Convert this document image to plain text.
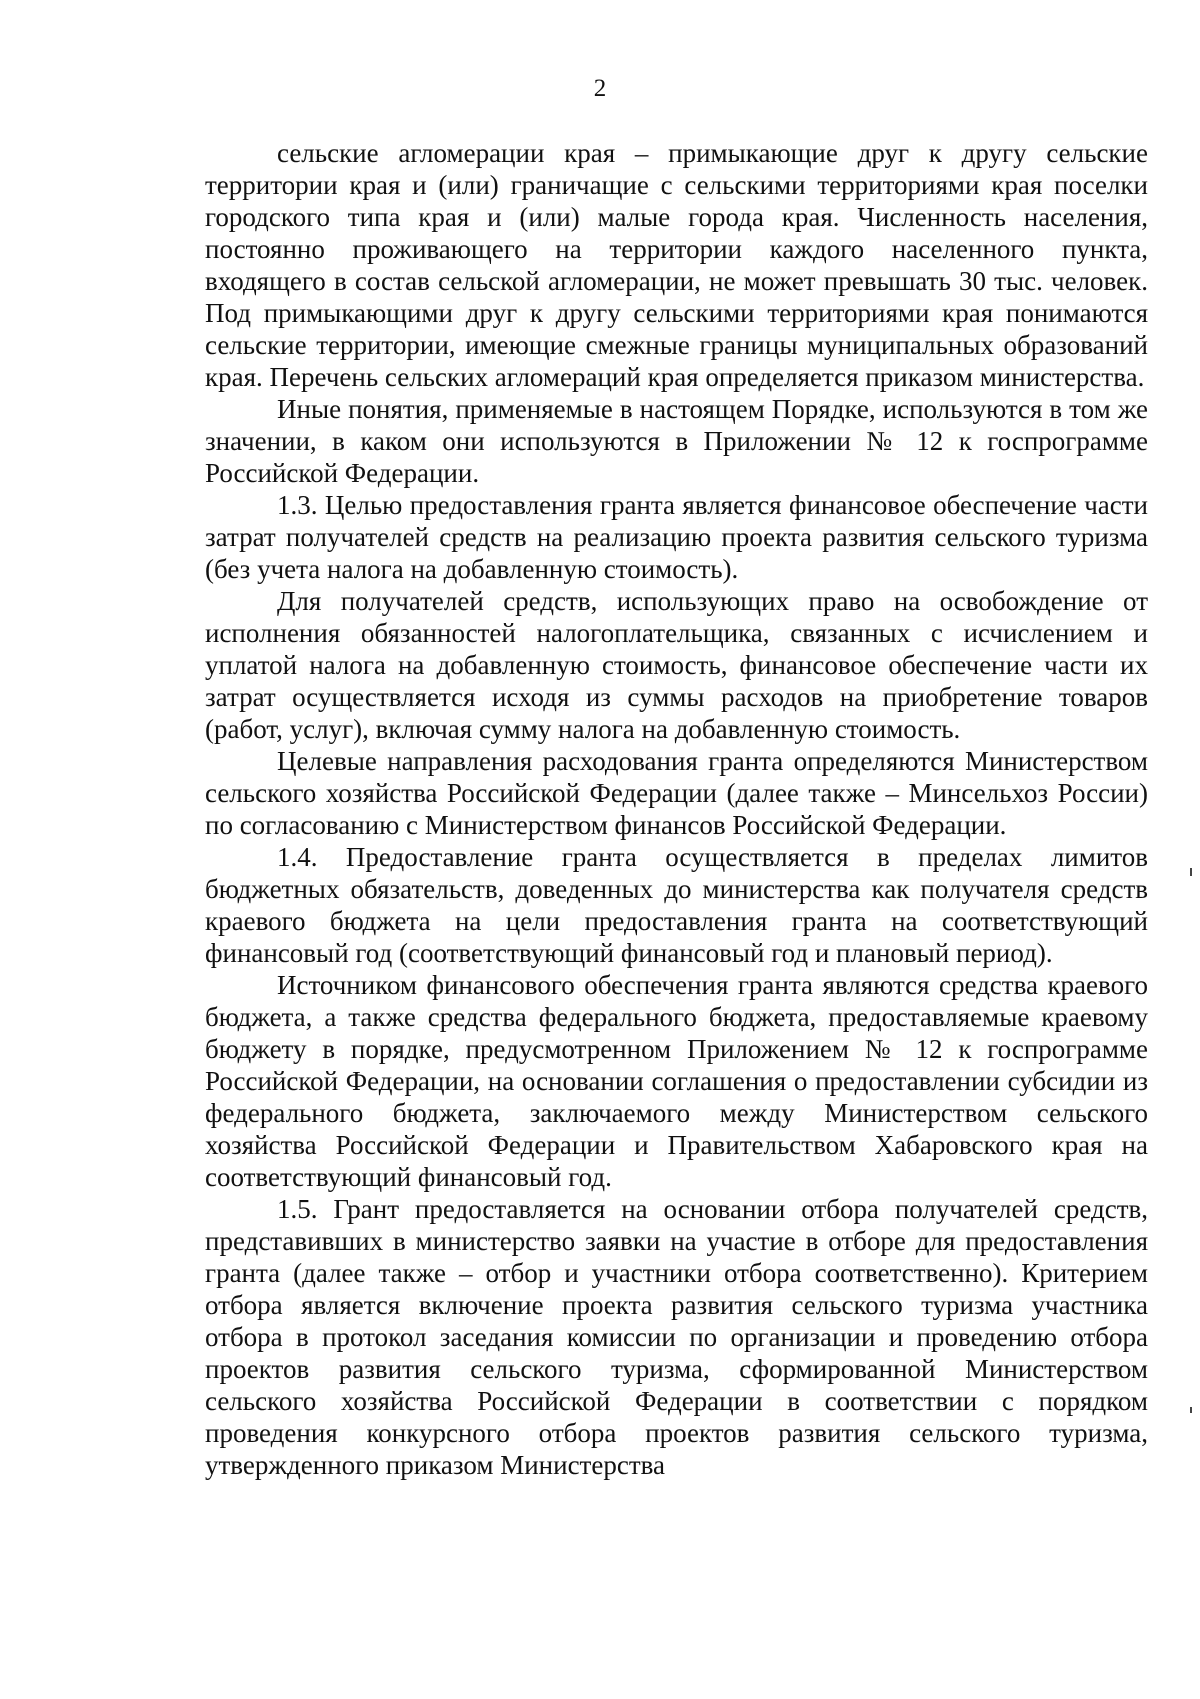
2

сельские агломерации края – примыкающие друг к другу сельские территории края и (или) граничащие с сельскими территориями края поселки городского типа края и (или) малые города края. Численность населения, постоянно проживающего на территории каждого населенного пункта, входящего в состав сельской агломерации, не может превышать 30 тыс. человек. Под примыкающими друг к другу сельскими территориями края понимаются сельские территории, имеющие смежные границы муниципальных образований края. Перечень сельских агломераций края определяется приказом министерства.

Иные понятия, применяемые в настоящем Порядке, используются в том же значении, в каком они используются в Приложении № 12 к госпрограмме Российской Федерации.

1.3. Целью предоставления гранта является финансовое обеспечение части затрат получателей средств на реализацию проекта развития сельского туризма (без учета налога на добавленную стоимость).

Для получателей средств, использующих право на освобождение от исполнения обязанностей налогоплательщика, связанных с исчислением и уплатой налога на добавленную стоимость, финансовое обеспечение части их затрат осуществляется исходя из суммы расходов на приобретение товаров (работ, услуг), включая сумму налога на добавленную стоимость.

Целевые направления расходования гранта определяются Министерством сельского хозяйства Российской Федерации (далее также – Минсельхоз России) по согласованию с Министерством финансов Российской Федерации.

1.4. Предоставление гранта осуществляется в пределах лимитов бюджетных обязательств, доведенных до министерства как получателя средств краевого бюджета на цели предоставления гранта на соответствующий финансовый год (соответствующий финансовый год и плановый период).

Источником финансового обеспечения гранта являются средства краевого бюджета, а также средства федерального бюджета, предоставляемые краевому бюджету в порядке, предусмотренном Приложением № 12 к госпрограмме Российской Федерации, на основании соглашения о предоставлении субсидии из федерального бюджета, заключаемого между Министерством сельского хозяйства Российской Федерации и Правительством Хабаровского края на соответствующий финансовый год.

1.5. Грант предоставляется на основании отбора получателей средств, представивших в министерство заявки на участие в отборе для предоставления гранта (далее также – отбор и участники отбора соответственно). Критерием отбора является включение проекта развития сельского туризма участника отбора в протокол заседания комиссии по организации и проведению отбора проектов развития сельского туризма, сформированной Министерством сельского хозяйства Российской Федерации в соответствии с порядком проведения конкурсного отбора проектов развития сельского туризма, утвержденного приказом Министерства
